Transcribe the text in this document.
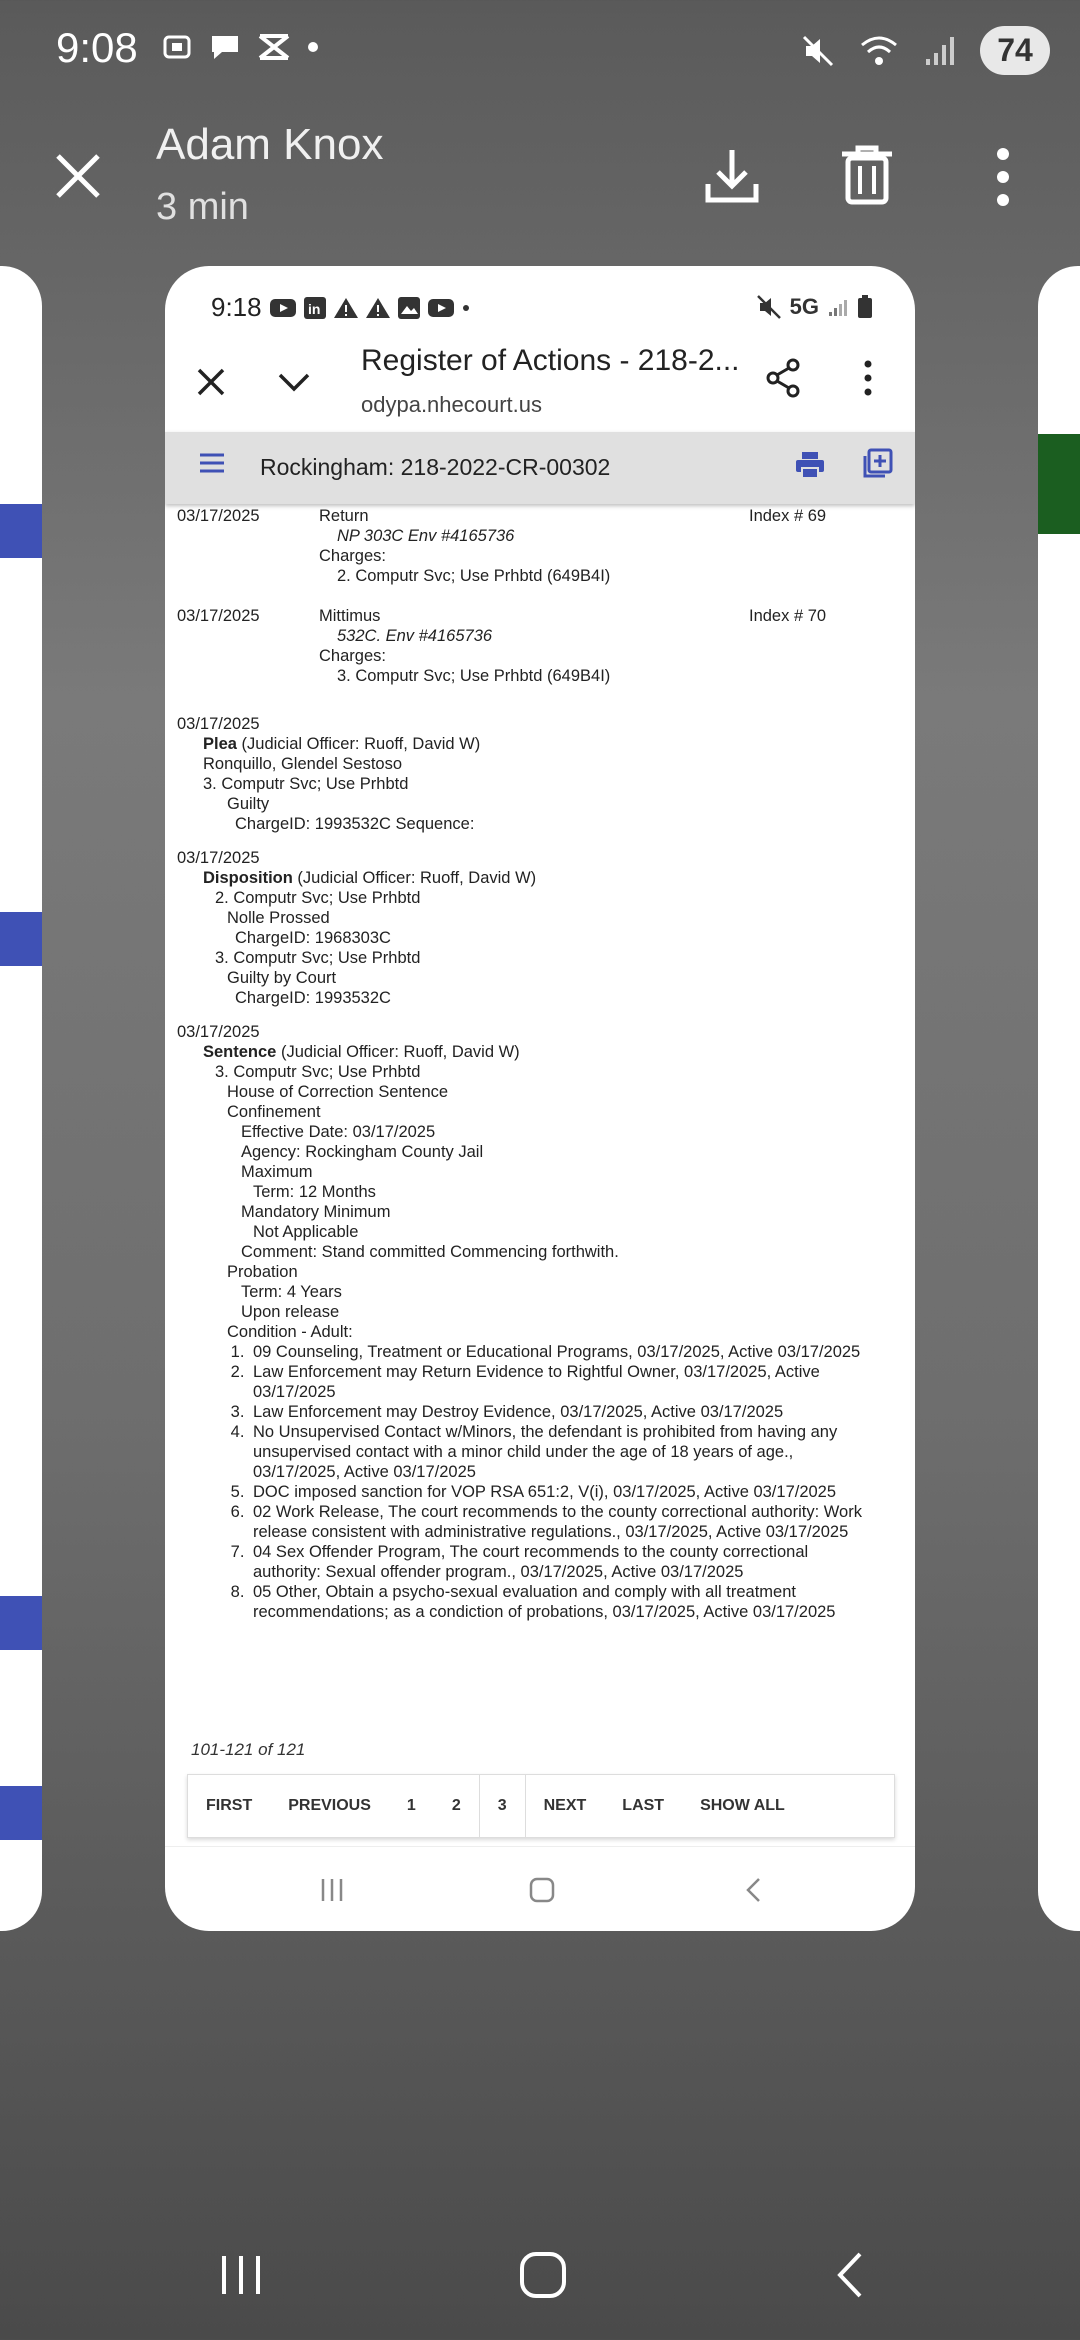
9:08	74
Adam Knox
3 min
9:18	in	5G
Register of Actions - 218-2...
odypa.nhecourt.us
Rockingham: 218-2022-CR-00302
03/17/2025	Return	Index # 69
NP 303C Env #4165736
Charges:
2. Computr Svc; Use Prhbtd (649B4I)
03/17/2025	Mittimus	Index # 70
532C. Env #4165736
Charges:
3. Computr Svc; Use Prhbtd (649B4I)
03/17/2025
Plea (Judicial Officer: Ruoff, David W)
Ronquillo, Glendel Sestoso
3. Computr Svc; Use Prhbtd
Guilty
ChargeID: 1993532C Sequence:
03/17/2025
Disposition (Judicial Officer: Ruoff, David W)
2. Computr Svc; Use Prhbtd
Nolle Prossed
ChargeID: 1968303C
3. Computr Svc; Use Prhbtd
Guilty by Court
ChargeID: 1993532C
03/17/2025
Sentence (Judicial Officer: Ruoff, David W)
3. Computr Svc; Use Prhbtd
House of Correction Sentence
Confinement
Effective Date: 03/17/2025
Agency: Rockingham County Jail
Maximum
Term: 12 Months
Mandatory Minimum
Not Applicable
Comment: Stand committed Commencing forthwith.
Probation
Term: 4 Years
Upon release
Condition - Adult:
1. 09 Counseling, Treatment or Educational Programs, 03/17/2025, Active 03/17/2025
2. Law Enforcement may Return Evidence to Rightful Owner, 03/17/2025, Active 03/17/2025
3. Law Enforcement may Destroy Evidence, 03/17/2025, Active 03/17/2025
4. No Unsupervised Contact w/Minors, the defendant is prohibited from having any unsupervised contact with a minor child under the age of 18 years of age., 03/17/2025, Active 03/17/2025
5. DOC imposed sanction for VOP RSA 651:2, V(i), 03/17/2025, Active 03/17/2025
6. 02 Work Release, The court recommends to the county correctional authority: Work release consistent with administrative regulations., 03/17/2025, Active 03/17/2025
7. 04 Sex Offender Program, The court recommends to the county correctional authority: Sexual offender program., 03/17/2025, Active 03/17/2025
8. 05 Other, Obtain a psycho-sexual evaluation and comply with all treatment recommendations; as a condiction of probations, 03/17/2025, Active 03/17/2025
101-121 of 121
FIRST	PREVIOUS	1	2	3	NEXT	LAST	SHOW ALL
